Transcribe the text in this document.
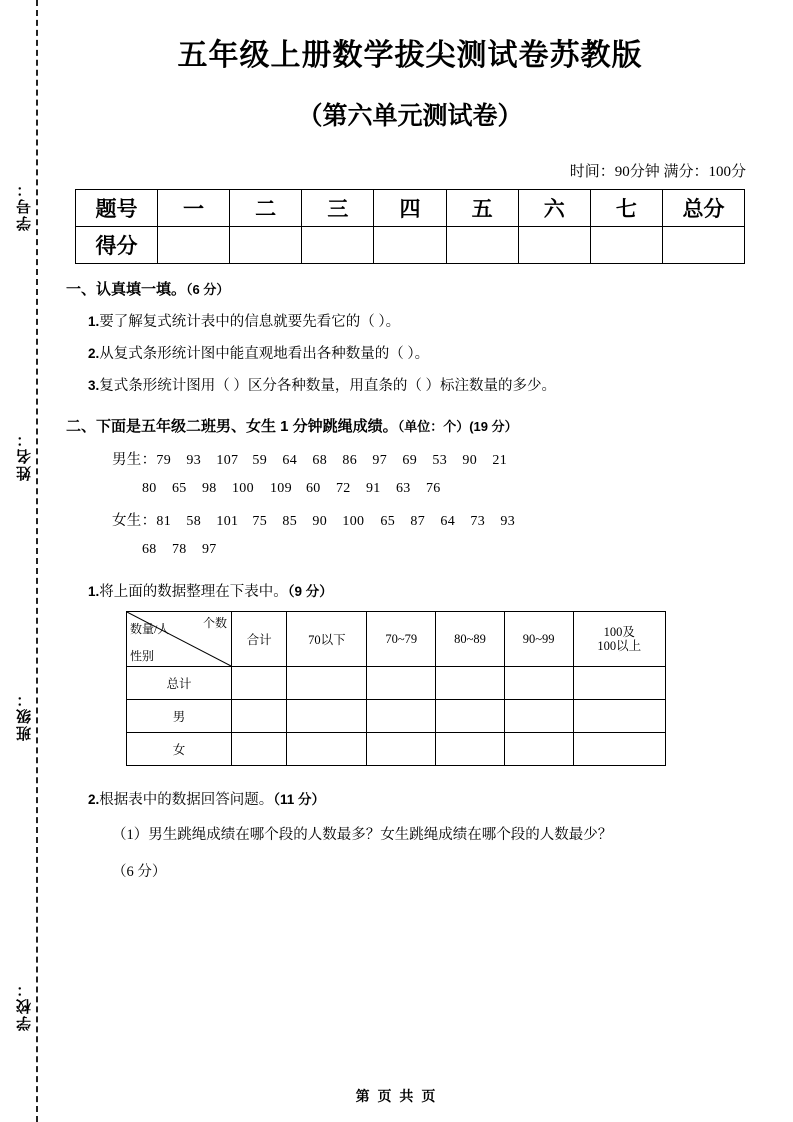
学号：
姓名：
班级：
学校：
五年级上册数学拔尖测试卷苏教版
（第六单元测试卷）
时间：90分钟 满分：100分
题号	一	二	三	四	五	六	七	总分
得分								
一、认真填一填。（6 分）
1.要了解复式统计表中的信息就要先看它的（ ）。
2.从复式条形统计图中能直观地看出各种数量的（ ）。
3.复式条形统计图用（ ）区分各种数量，用直条的（ ）标注数量的多少。
二、下面是五年级二班男、女生 1 分钟跳绳成绩。（单位：个）(19 分）
男生：79 93 107 59 64 68 86 97 69 53 90 21
80 65 98 100 109 60 72 91 63 76
女生：81 58 101 75 85 90 100 65 87 64 73 93
68 78 97
1.将上面的数据整理在下表中。（9 分）
个数
数量/人
性别	合计	70以下	70~79	80~89	90~99	100及
100以上
总计						
男						
女						
2.根据表中的数据回答问题。（11 分）
（1）男生跳绳成绩在哪个段的人数最多？女生跳绳成绩在哪个段的人数最少？
（6 分）
第 页 共 页
